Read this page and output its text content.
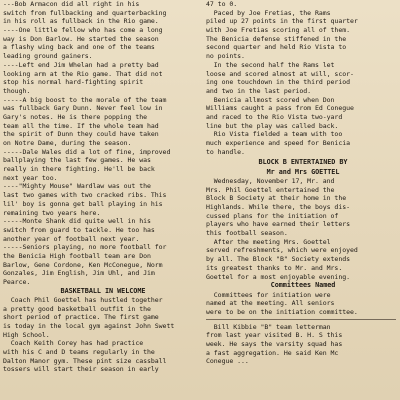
---Bob Armacon did all right in his
switch from fullbacking and quarterbacking
in his roll as fullback in the Rio game.
----One little fellow who has come a long
way is Don Barlow. He started the season
a flashy wing back and one of the teams
leading ground gainers.
----Left end Jim Whelan had a pretty bad
looking arm at the Rio game. That did not
stop his normal hard-fighting spirit
though.
-----A big boost to the morale of the team
was fullback Gary Dunn. Never feel low in
Gary's notes. He is there popping the
team all the time. If the whole team had
the spirit of Dunn they could have taken
on Notre Dame, during the season.
-----Dale Wales did a lot of fine, improved
ballplaying the last few games. He was
really in there fighting. He'll be back
next year too.
----"Mighty Mouse" Wardlaw was out the
last two games with two cracked ribs. This
lil' boy is gonna get ball playing in his
remaining two years here.
-----Monte Shank did quite well in his
switch from guard to tackle. He too has
another year of football next year.
-----Seniors playing, no more football for
the Benicia High football team are Don
Barlow, Gene Cordone, Ken McConegue, Norm
Gonzales, Jim English, Jim Uhl, and Jim
Pearce.
BASKETBALL IN WELCOME
Coach Phil Goettel has hustled together
a pretty good basketball outfit in the
short period of practice. The first game
is today in the local gym against John Swett
High School.
Coach Keith Corey has had practice
with his C and D teams regularly in the
Dalton Manor gym. These pint size cassball
tossers will start their season in early
47 to 0.
Paced by Joe Fretias, the Rams
piled up 27 points in the first quarter
with Joe Fretias scoring all of them.
The Benicia defense stiffened in the
second quarter and held Rio Vista to
no points.
In the second half the Rams let
loose and scored almost at will, scor-
ing one touchdown in the third period
and two in the last period.
Benicia allmost scored when Don
Williams caught a pass from Ed Conegue
and raced to the Rio Vista two-yard
line but the play was called back.
Rio Vista fielded a team with too
much experience and speed for Benicia
to handle.
BLOCK B ENTERTAINED BY
Mr and Mrs GOETTEL
Wednesday, November 17, Mr. and
Mrs. Phil Goettel entertained the
Block B Society at their home in the
Highlands. While there, the boys dis-
cussed plans for the initiation of
players who have earned their letters
this football season.
After the meeting Mrs. Goettel
served refreshments, which were enjoyed
by all. The Block "B" Society extends
its greatest thanks to Mr. and Mrs.
Goettel for a most enjoyable evening.
Committees Named
Committees for initiation were
named at the meeting. All seniors
were to be on the initiation committee.
Bill Kibbie "B" team letterman
from last year visited B. H. S this
week. He says the varsity squad has
a fast aggregation. He said Ken Mc
Conegue ...
